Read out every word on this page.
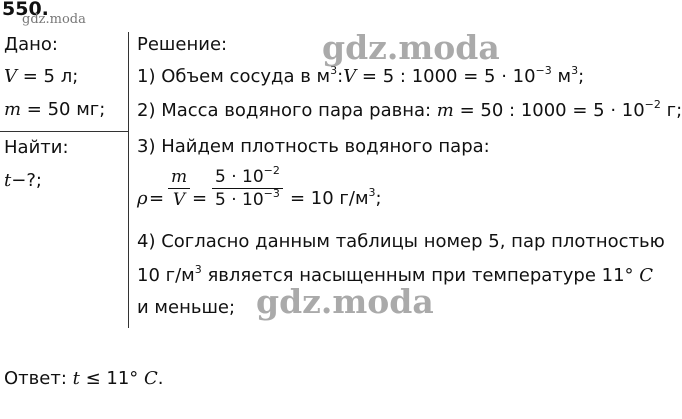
550.
gdz.moda
Дано:
V = 5 л;
m = 50 мг;
Найти:
t−?;
Решение:
1) Объем сосуда в $м^3:V = 5$ : $1000 = 5 \cdot 10^{-3}$ $м^3$;
2) Масса водяного пара равна: m = 50 : $1000 = 5 \cdot 10^{-2}$ г;
3) Найдем плотность водяного пара:
$\rho = \frac{m}{V} = \frac{5 \cdot 10^{-2}}{5 \cdot 10^{-3}} = 10$ $г/м^3$;
4) Согласно данным таблицы номер 5, пар плотностью
10 $г/м^3$ является насыщенным при температуре 11° C
и меньше;
gdz.moda
gdz.moda
Ответ: t ≤ 11° C.
